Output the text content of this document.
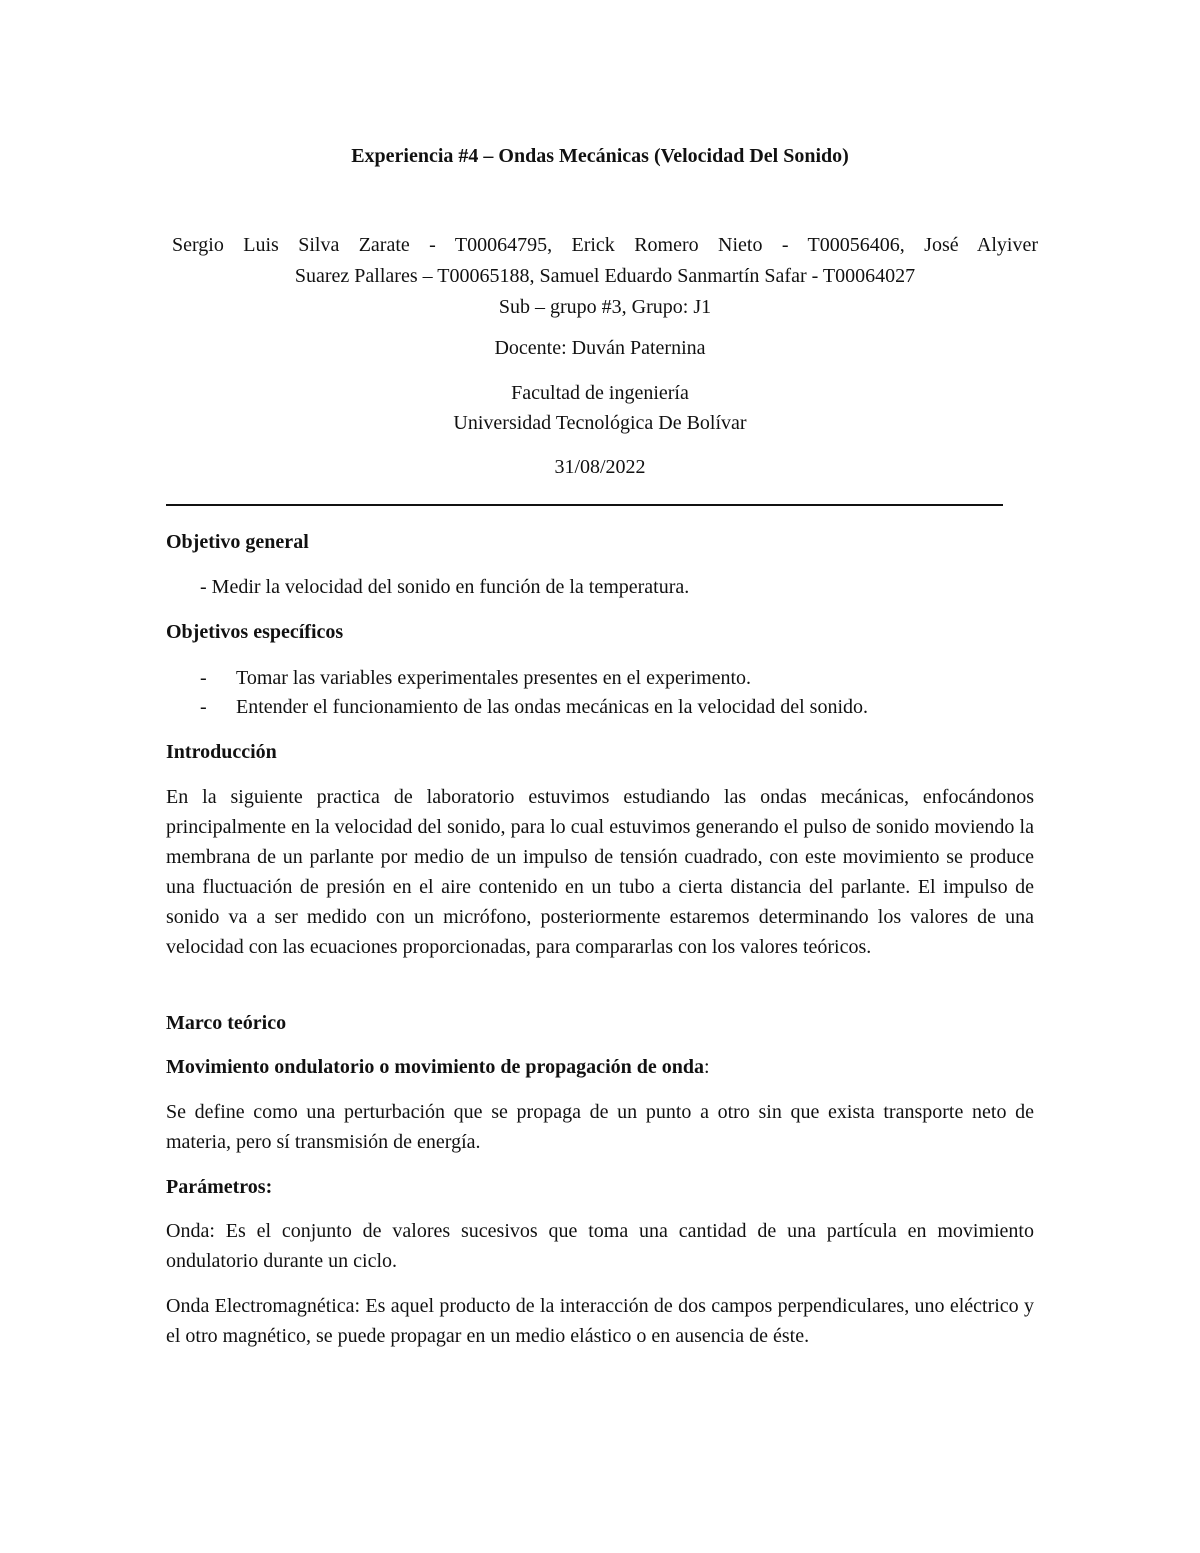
Experiencia #4 – Ondas Mecánicas (Velocidad Del Sonido)

Sergio Luis Silva Zarate - T00064795, Erick Romero Nieto - T00056406, José Alyiver

Suarez Pallares – T00065188, Samuel Eduardo Sanmartín Safar - T00064027

Sub – grupo #3, Grupo: J1

Docente: Duván Paternina
Facultad de ingeniería
Universidad Tecnológica De Bolívar
31/08/2022
Objetivo general
- Medir la velocidad del sonido en función de la temperatura.
Objetivos específicos
- Tomar las variables experimentales presentes en el experimento.
- Entender el funcionamiento de las ondas mecánicas en la velocidad del sonido.
Introducción
En la siguiente practica de laboratorio estuvimos estudiando las ondas mecánicas, enfocándonos principalmente en la velocidad del sonido, para lo cual estuvimos generando el pulso de sonido moviendo la membrana de un parlante por medio de un impulso de tensión cuadrado, con este movimiento se produce una fluctuación de presión en el aire contenido en un tubo a cierta distancia del parlante. El impulso de sonido va a ser medido con un micrófono, posteriormente estaremos determinando los valores de una velocidad con las ecuaciones proporcionadas, para compararlas con los valores teóricos.
Marco teórico
Movimiento ondulatorio o movimiento de propagación de onda:
Se define como una perturbación que se propaga de un punto a otro sin que exista transporte neto de materia, pero sí transmisión de energía.
Parámetros:
Onda: Es el conjunto de valores sucesivos que toma una cantidad de una partícula en movimiento ondulatorio durante un ciclo.
Onda Electromagnética: Es aquel producto de la interacción de dos campos perpendiculares, uno eléctrico y el otro magnético, se puede propagar en un medio elástico o en ausencia de éste.
